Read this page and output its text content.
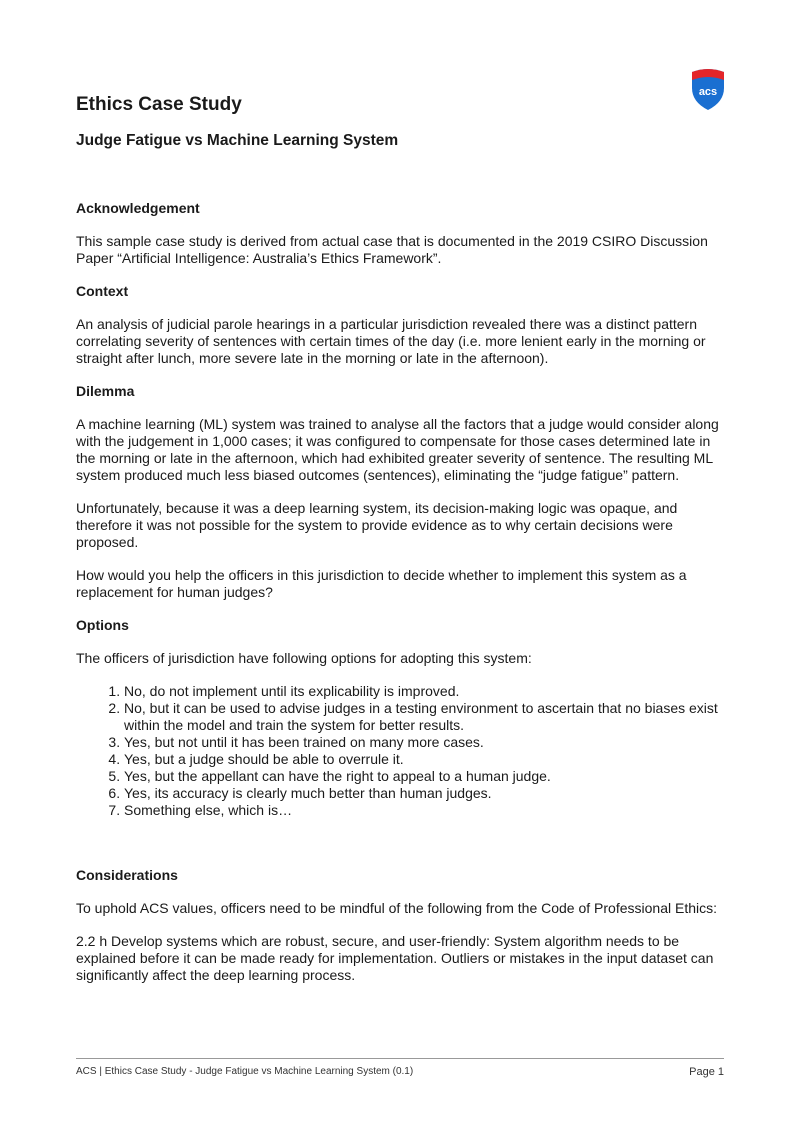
acs
Ethics Case Study
Judge Fatigue vs Machine Learning System
Acknowledgement

This sample case study is derived from actual case that is documented in the 2019 CSIRO Discussion Paper “Artificial Intelligence: Australia’s Ethics Framework”.

Context

An analysis of judicial parole hearings in a particular jurisdiction revealed there was a distinct pattern correlating severity of sentences with certain times of the day (i.e. more lenient early in the morning or straight after lunch, more severe late in the morning or late in the afternoon).

Dilemma

A machine learning (ML) system was trained to analyse all the factors that a judge would consider along with the judgement in 1,000 cases; it was configured to compensate for those cases determined late in the morning or late in the afternoon, which had exhibited greater severity of sentence. The resulting ML system produced much less biased outcomes (sentences), eliminating the “judge fatigue” pattern.

Unfortunately, because it was a deep learning system, its decision-making logic was opaque, and therefore it was not possible for the system to provide evidence as to why certain decisions were proposed.

How would you help the officers in this jurisdiction to decide whether to implement this system as a replacement for human judges?

Options

The officers of jurisdiction have following options for adopting this system:

1. No, do not implement until its explicability is improved.
2. No, but it can be used to advise judges in a testing environment to ascertain that no biases exist within the model and train the system for better results.
3. Yes, but not until it has been trained on many more cases.
4. Yes, but a judge should be able to overrule it.
5. Yes, but the appellant can have the right to appeal to a human judge.
6. Yes, its accuracy is clearly much better than human judges.
7. Something else, which is…
Considerations

To uphold ACS values, officers need to be mindful of the following from the Code of Professional Ethics:

2.2 h Develop systems which are robust, secure, and user-friendly: System algorithm needs to be explained before it can be made ready for implementation. Outliers or mistakes in the input dataset can significantly affect the deep learning process.

ACS | Ethics Case Study - Judge Fatigue vs Machine Learning System (0.1)	Page 1
